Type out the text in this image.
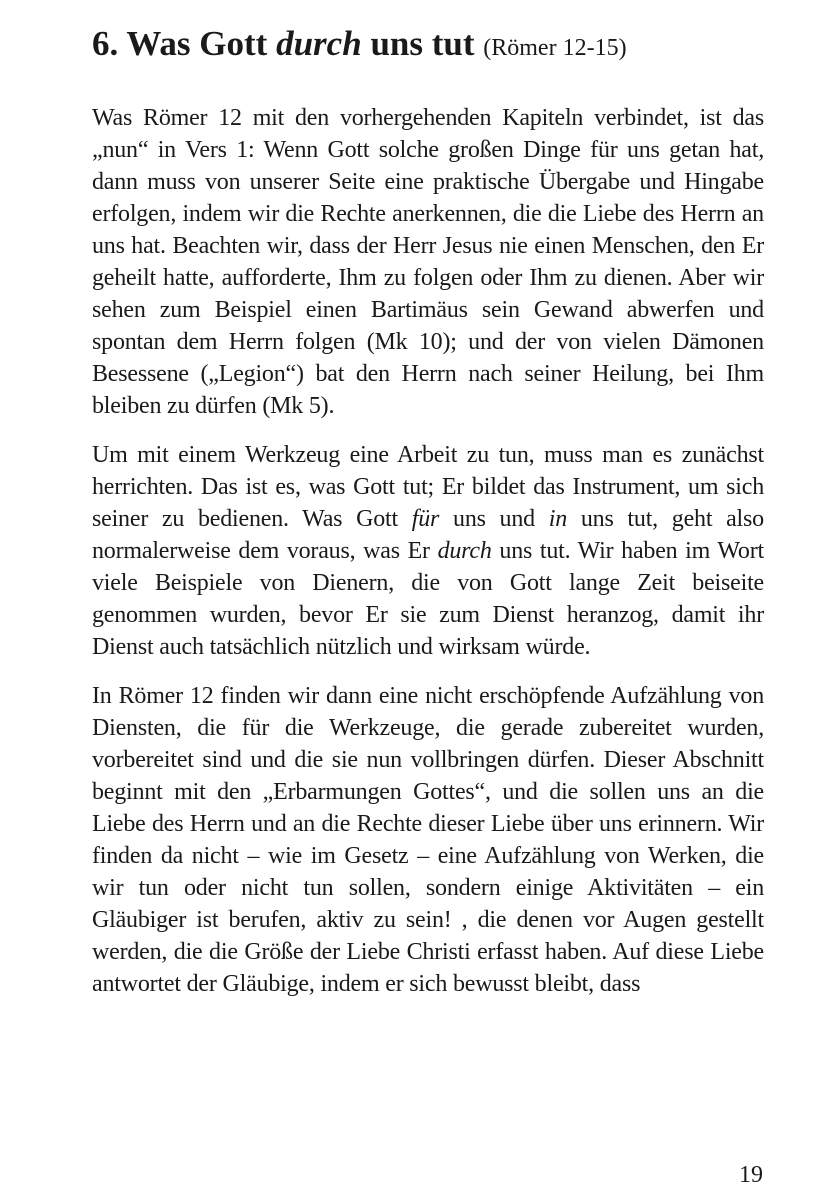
6. Was Gott durch uns tut (Römer 12-15)

Was Römer 12 mit den vorhergehenden Kapiteln verbindet, ist das „nun“ in Vers 1: Wenn Gott solche großen Dinge für uns getan hat, dann muss von unserer Seite eine praktische Übergabe und Hingabe erfolgen, indem wir die Rechte anerkennen, die die Liebe des Herrn an uns hat. Beachten wir, dass der Herr Jesus nie einen Menschen, den Er geheilt hatte, aufforderte, Ihm zu folgen oder Ihm zu dienen. Aber wir sehen zum Beispiel einen Bartimäus sein Gewand abwerfen und spontan dem Herrn folgen (Mk 10); und der von vielen Dämonen Besessene („Legion“) bat den Herrn nach seiner Heilung, bei Ihm bleiben zu dürfen (Mk 5).

Um mit einem Werkzeug eine Arbeit zu tun, muss man es zunächst herrichten. Das ist es, was Gott tut; Er bildet das Instrument, um sich seiner zu bedienen. Was Gott für uns und in uns tut, geht also normalerweise dem voraus, was Er durch uns tut. Wir haben im Wort viele Beispiele von Dienern, die von Gott lange Zeit beiseite genommen wurden, bevor Er sie zum Dienst heranzog, damit ihr Dienst auch tatsächlich nützlich und wirksam würde.

In Römer 12 finden wir dann eine nicht erschöpfende Aufzählung von Diensten, die für die Werkzeuge, die gerade zubereitet wurden, vorbereitet sind und die sie nun vollbringen dürfen. Dieser Abschnitt beginnt mit den „Erbarmungen Gottes“, und die sollen uns an die Liebe des Herrn und an die Rechte dieser Liebe über uns erinnern. Wir finden da nicht – wie im Gesetz – eine Aufzählung von Werken, die wir tun oder nicht tun sollen, sondern einige Aktivitäten – ein Gläubiger ist berufen, aktiv zu sein! , die denen vor Augen gestellt werden, die die Größe der Liebe Christi erfasst haben. Auf diese Liebe antwortet der Gläubige, indem er sich bewusst bleibt, dass

19
